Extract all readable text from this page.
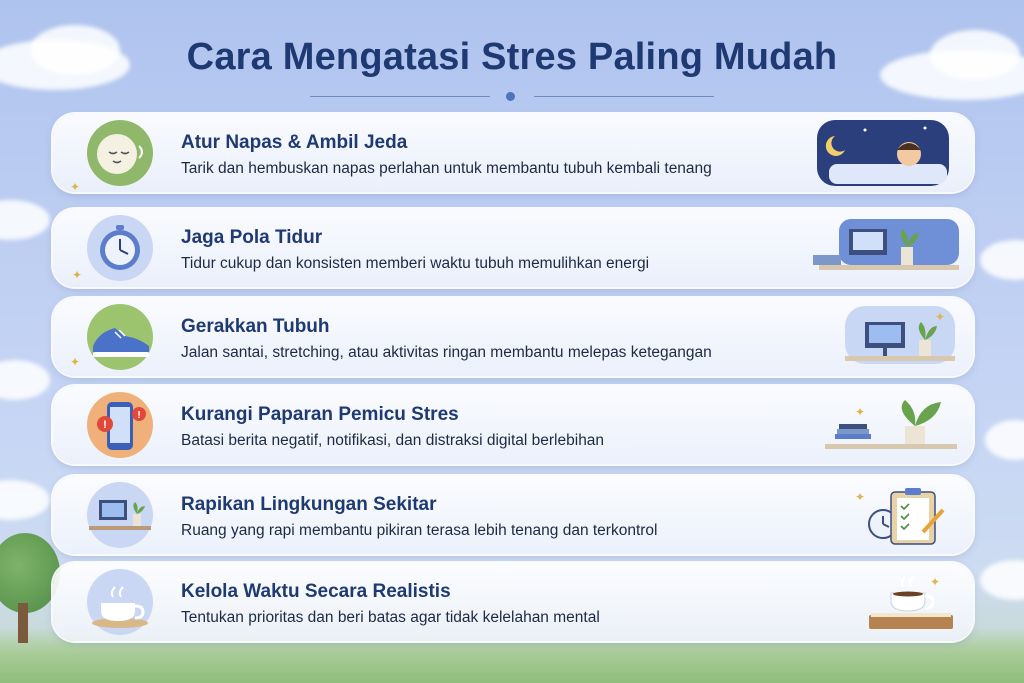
Cara Mengatasi Stres Paling Mudah
Atur Napas & Ambil Jeda
Tarik dan hembuskan napas perlahan untuk membantu tubuh kembali tenang
Jaga Pola Tidur
Tidur cukup dan konsisten memberi waktu tubuh memulihkan energi
Gerakkan Tubuh
Jalan santai, stretching, atau aktivitas ringan membantu melepas ketegangan
!
! Kurangi Paparan Pemicu Stres
Batasi berita negatif, notifikasi, dan distraksi digital berlebihan
Rapikan Lingkungan Sekitar
Ruang yang rapi membantu pikiran terasa lebih tenang dan terkontrol
Kelola Waktu Secara Realistis
Tentukan prioritas dan beri batas agar tidak kelelahan mental
✦
✦
✦
✦
✦
✦
✦
